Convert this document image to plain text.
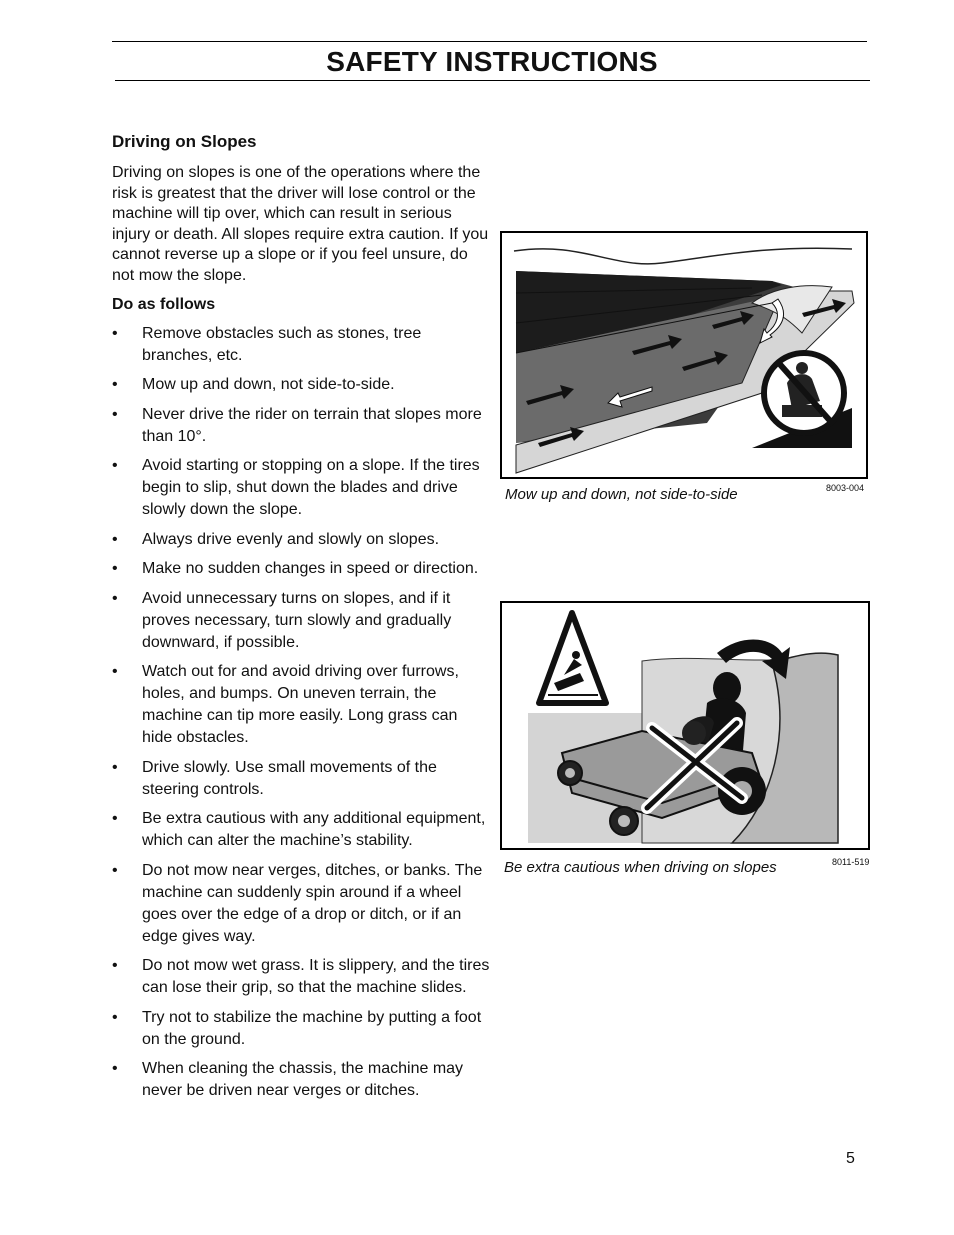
SAFETY INSTRUCTIONS
Driving on Slopes

Driving on slopes is one of the operations where the risk is greatest that the driver will lose control or the machine will tip over, which can result in serious injury or death. All slopes require extra caution. If you cannot reverse up a slope or if you feel unsure, do not mow the slope.

Do as follows
• Remove obstacles such as stones, tree branches, etc.
• Mow up and down, not side-to-side.
• Never drive the rider on terrain that slopes more than 10°.
• Avoid starting or stopping on a slope. If the tires begin to slip, shut down the blades and drive slowly down the slope.
• Always drive evenly and slowly on slopes.
• Make no sudden changes in speed or direction.
• Avoid unnecessary turns on slopes, and if it proves necessary, turn slowly and gradually downward, if possible.
• Watch out for and avoid driving over furrows, holes, and bumps. On uneven terrain, the machine can tip more easily. Long grass can hide obstacles.
• Drive slowly. Use small movements of the steering controls.
• Be extra cautious with any additional equipment, which can alter the machine’s stability.
• Do not mow near verges, ditches, or banks. The machine can suddenly spin around if a wheel goes over the edge of a drop or ditch, or if an edge gives way.
• Do not mow wet grass. It is slippery, and the tires can lose their grip, so that the machine slides.
• Try not to stabilize the machine by putting a foot on the ground.
• When cleaning the chassis, the machine may never be driven near verges or ditches.
Mow up and down, not side-to-side	8003-004
Be extra cautious when driving on slopes	8011-519
5
